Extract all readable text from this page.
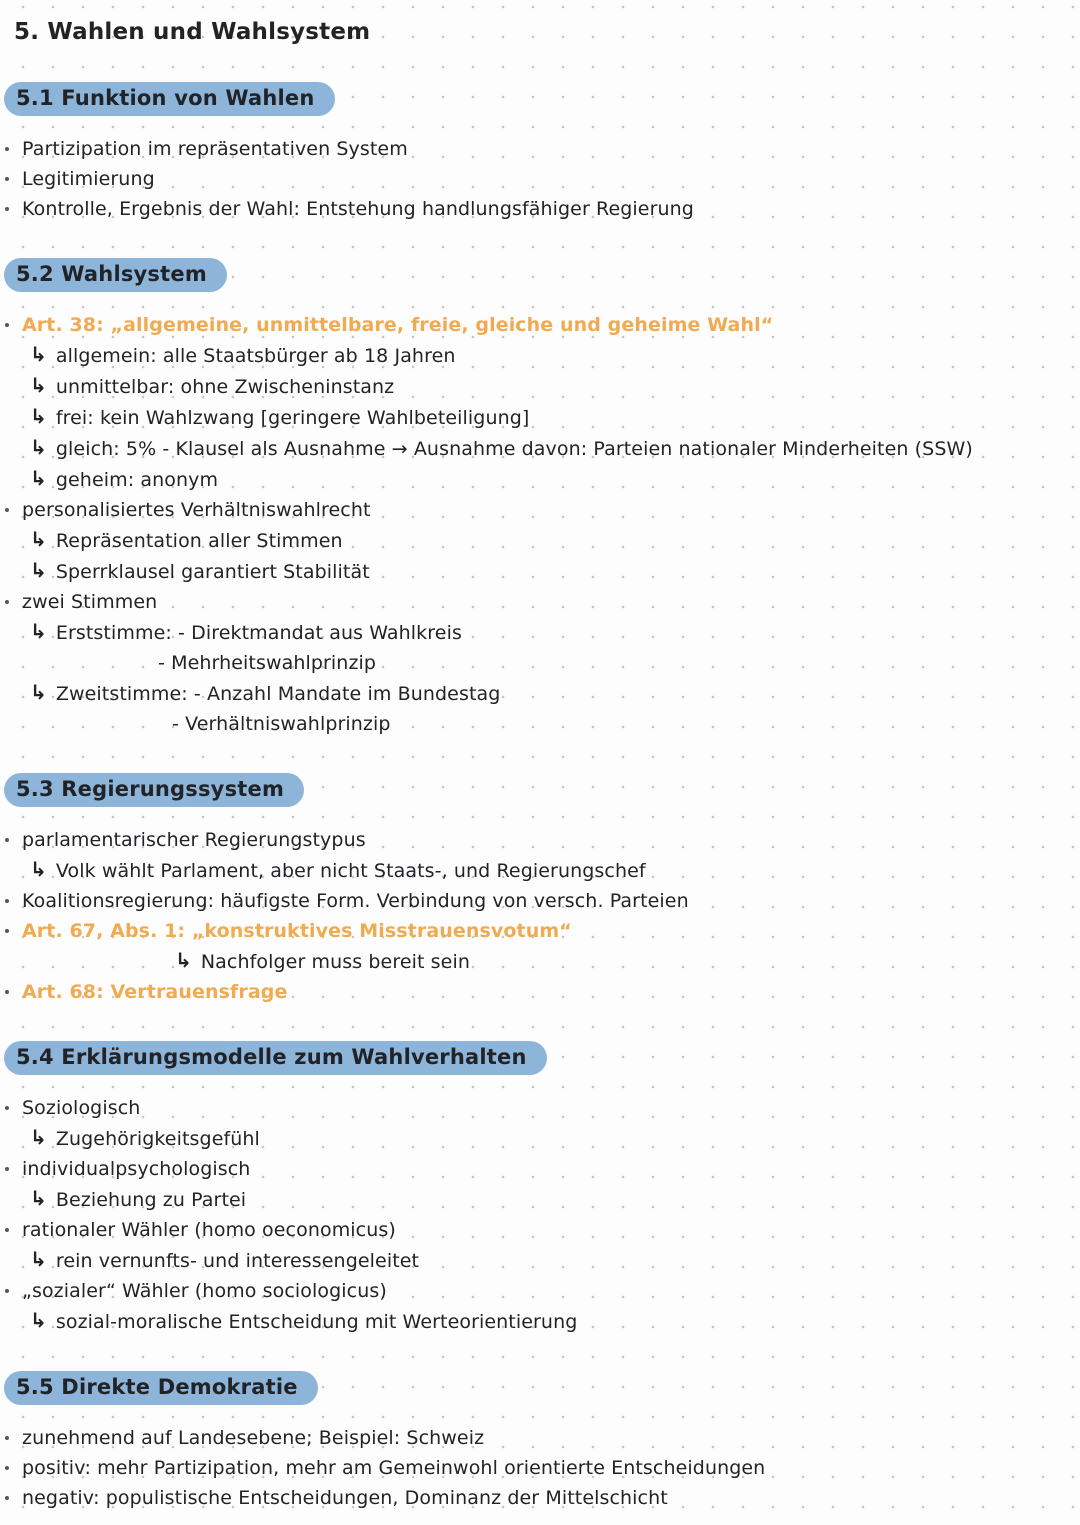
5. Wahlen und Wahlsystem
5.1 Funktion von Wahlen
Partizipation im repräsentativen System
Legitimierung
Kontrolle, Ergebnis der Wahl: Entstehung handlungsfähiger Regierung
5.2 Wahlsystem
Art. 38: „allgemeine, unmittelbare, freie, gleiche und geheime Wahl“
↳ allgemein: alle Staatsbürger ab 18 Jahren
↳ unmittelbar: ohne Zwischeninstanz
↳ frei: kein Wahlzwang [geringere Wahlbeteiligung]
↳ gleich: 5% - Klausel als Ausnahme → Ausnahme davon: Parteien nationaler Minderheiten (SSW)
↳ geheim: anonym
personalisiertes Verhältniswahlrecht
↳ Repräsentation aller Stimmen
↳ Sperrklausel garantiert Stabilität
zwei Stimmen
↳ Erststimme: - Direktmandat aus Wahlkreis
- Mehrheitswahlprinzip
↳ Zweitstimme: - Anzahl Mandate im Bundestag
- Verhältniswahlprinzip
5.3 Regierungssystem
parlamentarischer Regierungstypus
↳ Volk wählt Parlament, aber nicht Staats-, und Regierungschef
Koalitionsregierung: häufigste Form. Verbindung von versch. Parteien
Art. 67, Abs. 1: „konstruktives Misstrauensvotum“
↳ Nachfolger muss bereit sein
Art. 68: Vertrauensfrage
5.4 Erklärungsmodelle zum Wahlverhalten
Soziologisch
↳ Zugehörigkeitsgefühl
individualpsychologisch
↳ Beziehung zu Partei
rationaler Wähler (homo oeconomicus)
↳ rein vernunfts- und interessengeleitet
„sozialer“ Wähler (homo sociologicus)
↳ sozial-moralische Entscheidung mit Werteorientierung
5.5 Direkte Demokratie
zunehmend auf Landesebene; Beispiel: Schweiz
positiv: mehr Partizipation, mehr am Gemeinwohl orientierte Entscheidungen
negativ: populistische Entscheidungen, Dominanz der Mittelschicht
